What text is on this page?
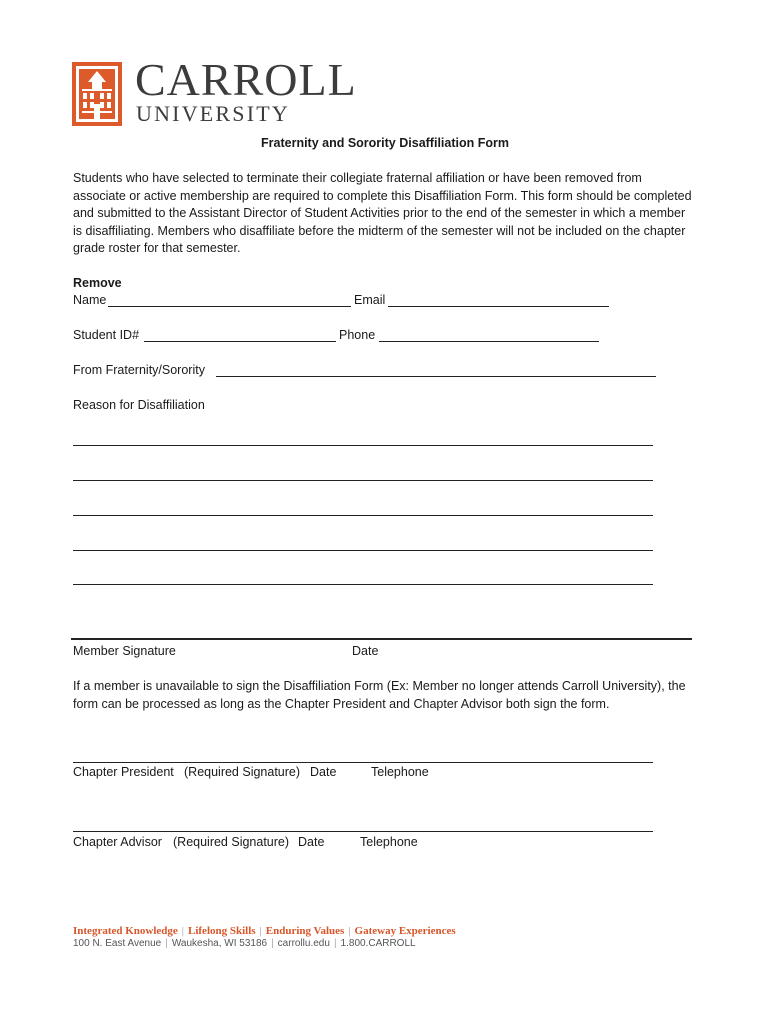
CARROLL
UNIVERSITY
Fraternity and Sorority Disaffiliation Form
Students who have selected to terminate their collegiate fraternal affiliation or have been removed from associate or active membership are required to complete this Disaffiliation Form. This form should be completed and submitted to the Assistant Director of Student Activities prior to the end of the semester in which a member is disaffiliating. Members who disaffiliate before the midterm of the semester will not be included on the chapter grade roster for that semester.
Remove
Name	Email
Student ID#	Phone
From Fraternity/Sorority
Reason for Disaffiliation
Member Signature	Date
If a member is unavailable to sign the Disaffiliation Form (Ex: Member no longer attends Carroll University), the form can be processed as long as the Chapter President and Chapter Advisor both sign the form.
Chapter President (Required Signature) Date	Telephone
Chapter Advisor (Required Signature) Date	Telephone
Integrated Knowledge | Lifelong Skills | Enduring Values | Gateway Experiences
100 N. East Avenue | Waukesha, WI 53186 | carrollu.edu | 1.800.CARROLL
